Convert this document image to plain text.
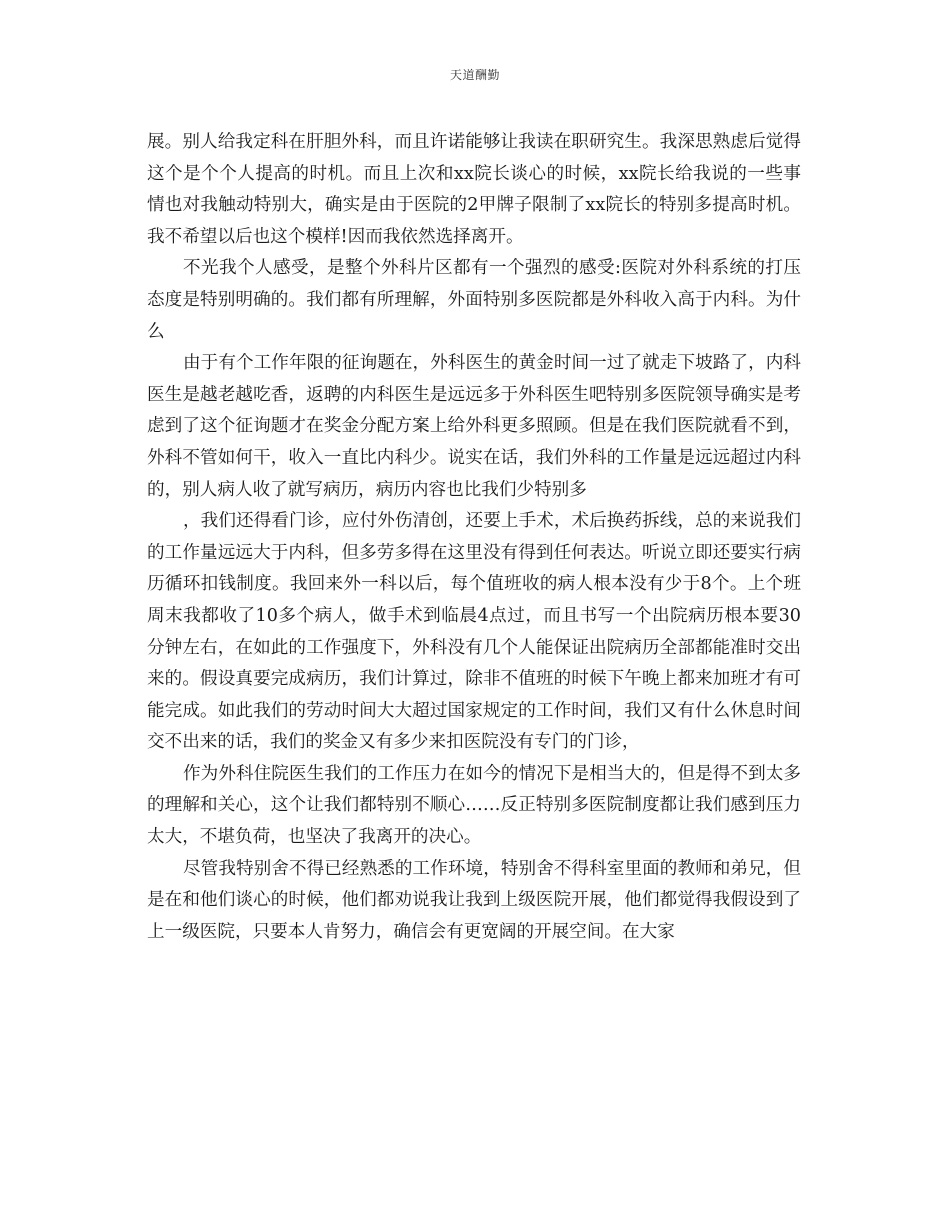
天道酬勤

展。别人给我定科在肝胆外科，而且许诺能够让我读在职研究生。我深思熟虑后觉得这个是个个人提高的时机。而且上次和xx院长谈心的时候，xx院长给我说的一些事情也对我触动特别大，确实是由于医院的2甲牌子限制了xx院长的特别多提高时机。我不希望以后也这个模样!因而我依然选择离开。

不光我个人感受，是整个外科片区都有一个强烈的感受:医院对外科系统的打压态度是特别明确的。我们都有所理解，外面特别多医院都是外科收入高于内科。为什么

由于有个工作年限的征询题在，外科医生的黄金时间一过了就走下坡路了，内科医生是越老越吃香，返聘的内科医生是远远多于外科医生吧特别多医院领导确实是考虑到了这个征询题才在奖金分配方案上给外科更多照顾。但是在我们医院就看不到，外科不管如何干，收入一直比内科少。说实在话，我们外科的工作量是远远超过内科的，别人病人收了就写病历，病历内容也比我们少特别多

，我们还得看门诊，应付外伤清创，还要上手术，术后换药拆线，总的来说我们的工作量远远大于内科，但多劳多得在这里没有得到任何表达。听说立即还要实行病历循环扣钱制度。我回来外一科以后，每个值班收的病人根本没有少于8个。上个班周末我都收了10多个病人，做手术到临晨4点过，而且书写一个出院病历根本要30分钟左右，在如此的工作强度下，外科没有几个人能保证出院病历全部都能准时交出来的。假设真要完成病历，我们计算过，除非不值班的时候下午晚上都来加班才有可能完成。如此我们的劳动时间大大超过国家规定的工作时间，我们又有什么休息时间交不出来的话，我们的奖金又有多少来扣医院没有专门的门诊，

作为外科住院医生我们的工作压力在如今的情况下是相当大的，但是得不到太多的理解和关心，这个让我们都特别不顺心……反正特别多医院制度都让我们感到压力太大，不堪负荷，也坚决了我离开的决心。

尽管我特别舍不得已经熟悉的工作环境，特别舍不得科室里面的教师和弟兄，但是在和他们谈心的时候，他们都劝说我让我到上级医院开展，他们都觉得我假设到了上一级医院，只要本人肯努力，确信会有更宽阔的开展空间。在大家
